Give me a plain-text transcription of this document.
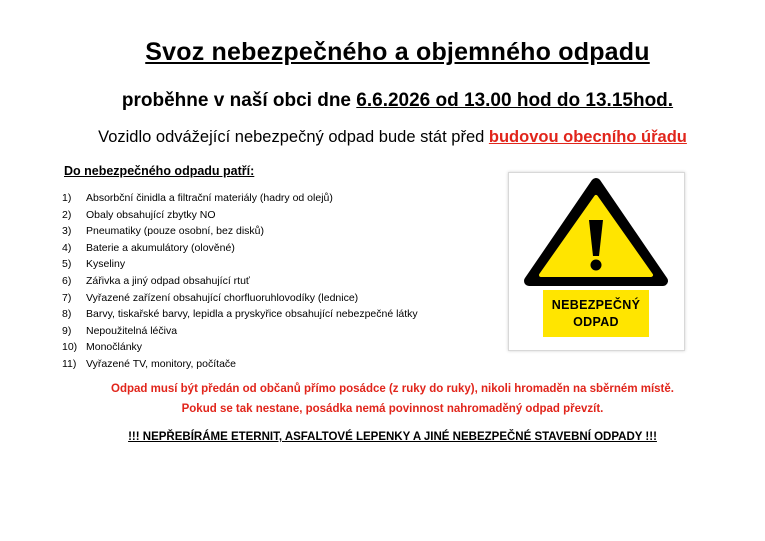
Svoz nebezpečného a objemného odpadu
proběhne v naší obci dne 6.6.2026 od 13.00 hod do 13.15hod.
Vozidlo odvážející nebezpečný odpad bude stát před budovou obecního úřadu
Do nebezpečného odpadu patří:
1)	Absorbční činidla a filtrační materiály (hadry od olejů)
2)	Obaly obsahující zbytky NO
3)	Pneumatiky (pouze osobní, bez disků)
4)	Baterie a akumulátory (olověné)
5)	Kyseliny
6)	Zářivka a jiný odpad obsahující rtuť
7)	Vyřazené zařízení obsahující chorfluoruhlovodíky (lednice)
8)	Barvy, tiskařské barvy, lepidla a pryskyřice obsahující nebezpečné látky
9)	Nepoužitelná léčiva
10) Monočlánky
11) Vyřazené TV, monitory, počítače
NEBEZPEČNÝ
ODPAD
Odpad musí být předán od občanů přímo posádce (z ruky do ruky), nikoli hromaděn na sběrném místě.
Pokud se tak nestane, posádka nemá povinnost nahromaděný odpad převzít.
!!! NEPŘEBÍRÁME ETERNIT, ASFALTOVÉ LEPENKY A JINÉ NEBEZPEČNÉ STAVEBNÍ ODPADY !!!
